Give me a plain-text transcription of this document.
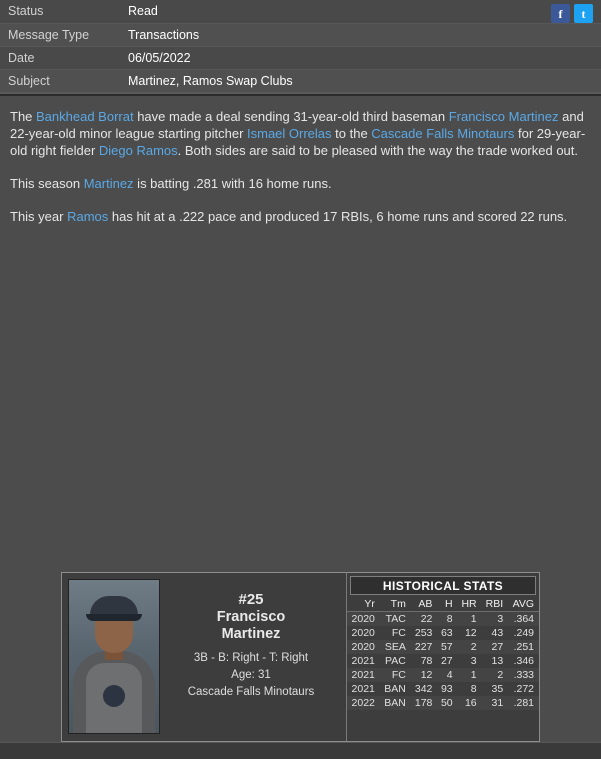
Status	Read
Message Type	Transactions
Date	06/05/2022
Subject	Martinez, Ramos Swap Clubs
f	t

The Bankhead Borrat have made a deal sending 31-year-old third baseman Francisco Martinez and 22-year-old minor league starting pitcher Ismael Orrelas to the Cascade Falls Minotaurs for 29-year-old right fielder Diego Ramos. Both sides are said to be pleased with the way the trade worked out.

This season Martinez is batting .281 with 16 home runs.

This year Ramos has hit at a .222 pace and produced 17 RBIs, 6 home runs and scored 22 runs.

#25
Francisco
Martinez
3B - B: Right - T: Right
Age: 31
Cascade Falls Minotaurs
HISTORICAL STATS
Yr	Tm	AB	H	HR	RBI	AVG
2020	TAC	22	8	1	3	.364
2020	FC	253	63	12	43	.249
2020	SEA	227	57	2	27	.251
2021	PAC	78	27	3	13	.346
2021	FC	12	4	1	2	.333
2021	BAN	342	93	8	35	.272
2022	BAN	178	50	16	31	.281
